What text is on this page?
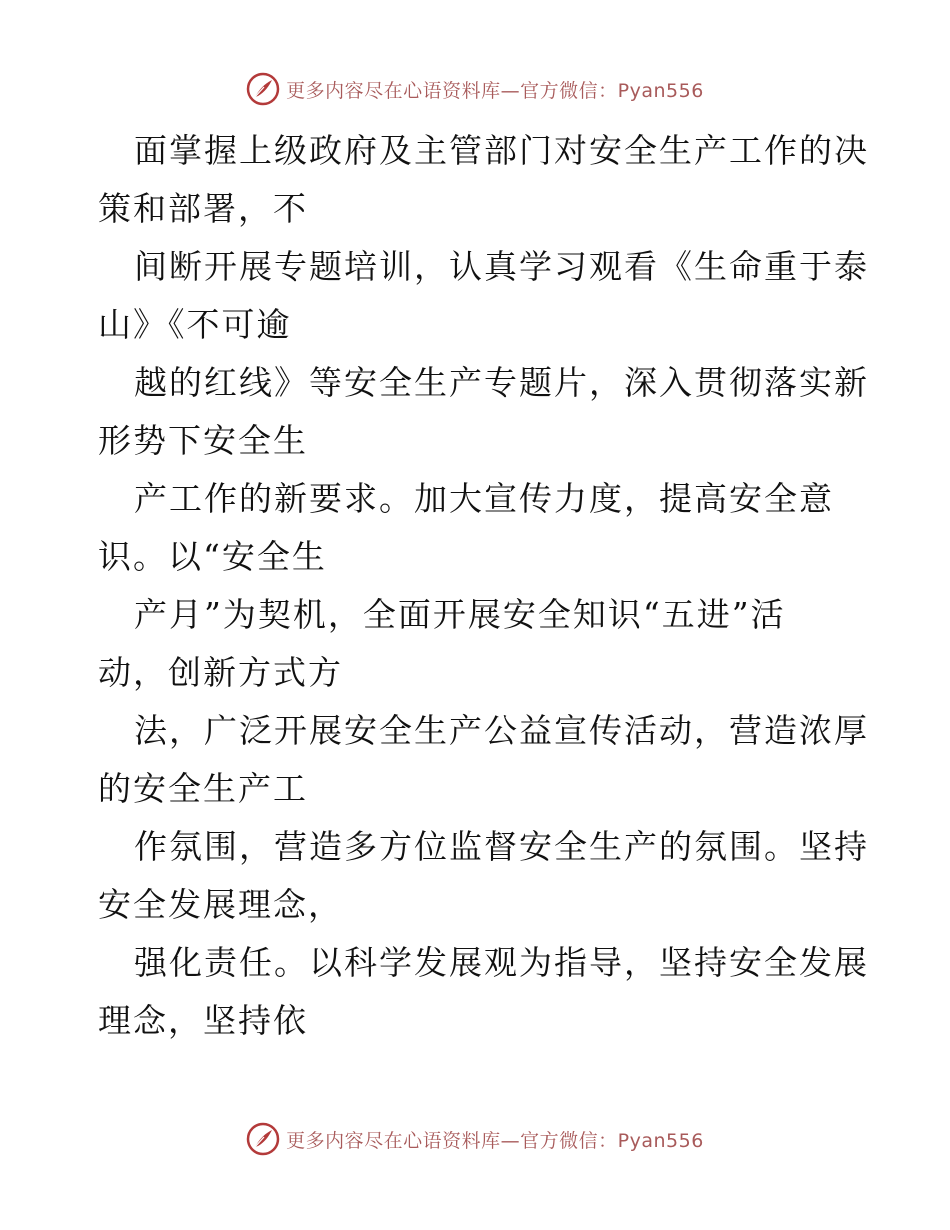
更多内容尽在心语资料库—官方微信：Pyan556

面掌握上级政府及主管部门对安全生产工作的决
策和部署，不

间断开展专题培训，认真学习观看《生命重于泰
山》《不可逾

越的红线》等安全生产专题片，深入贯彻落实新
形势下安全生

产工作的新要求。加大宣传力度，提高安全意
识。以“安全生

产月”为契机，全面开展安全知识“五进”活
动，创新方式方

法，广泛开展安全生产公益宣传活动，营造浓厚
的安全生产工

作氛围，营造多方位监督安全生产的氛围。坚持
安全发展理念，

强化责任。以科学发展观为指导，坚持安全发展
理念，坚持依

更多内容尽在心语资料库—官方微信：Pyan556
